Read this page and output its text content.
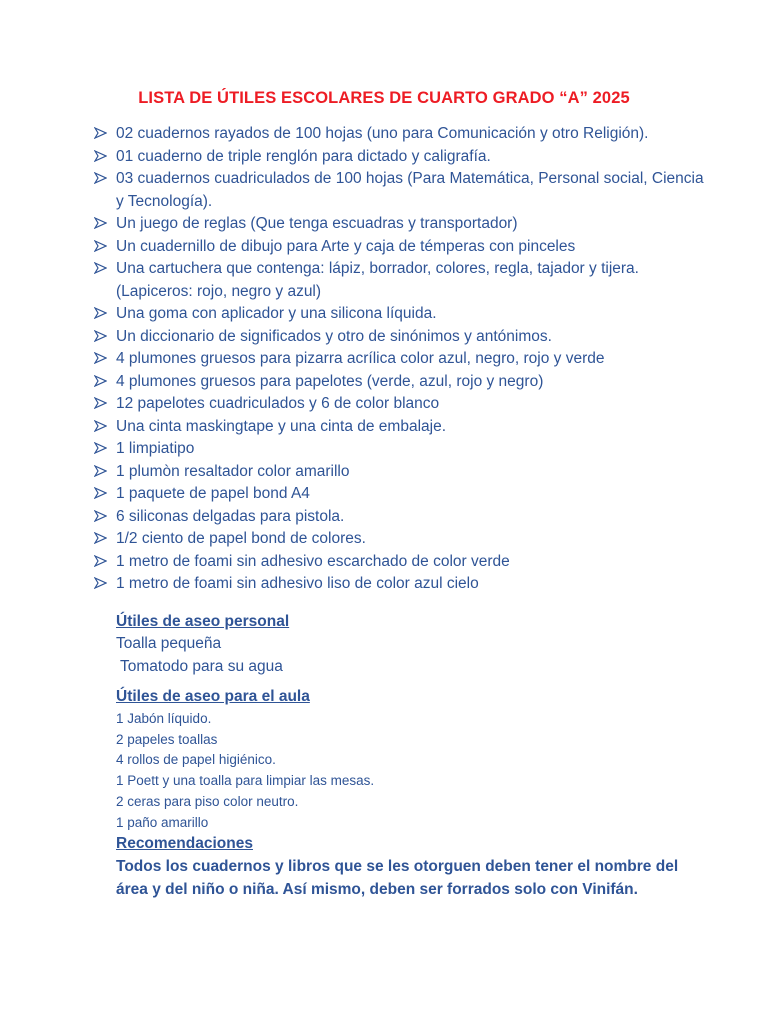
LISTA DE ÚTILES ESCOLARES DE CUARTO GRADO “A” 2025
02 cuadernos rayados de 100 hojas (uno para Comunicación y otro Religión).
01 cuaderno de triple renglón para dictado y caligrafía.
03 cuadernos cuadriculados de 100 hojas (Para Matemática, Personal social, Ciencia y Tecnología).
Un juego de reglas (Que tenga escuadras y transportador)
Un cuadernillo de dibujo para Arte y caja de témperas con pinceles
Una cartuchera que contenga: lápiz, borrador, colores, regla, tajador y tijera. (Lapiceros: rojo, negro y azul)
Una goma con aplicador y una silicona líquida.
Un diccionario de significados y otro de sinónimos y antónimos.
4 plumones gruesos para pizarra acrílica color azul, negro, rojo y verde
4 plumones gruesos para papelotes (verde, azul, rojo y negro)
12 papelotes cuadriculados y 6 de color blanco
Una cinta maskingtape y una cinta de embalaje.
1 limpiatipo
1 plumòn resaltador color amarillo
1 paquete de papel bond A4
6 siliconas delgadas para pistola.
1/2 ciento de papel bond de colores.
1 metro de foami sin adhesivo escarchado de color verde
1 metro de foami sin adhesivo liso de color azul cielo
Útiles de aseo personal
Toalla pequeña
Tomatodo para su agua
Útiles de aseo para el aula
1 Jabón líquido.
2 papeles toallas
4 rollos de papel higiénico.
1 Poett y una toalla para limpiar las mesas.
2 ceras para piso color neutro.
1 paño amarillo
Recomendaciones
Todos los cuadernos y libros que se les otorguen deben tener el nombre del área y del niño o niña. Así mismo, deben ser forrados solo con Vinifán.
